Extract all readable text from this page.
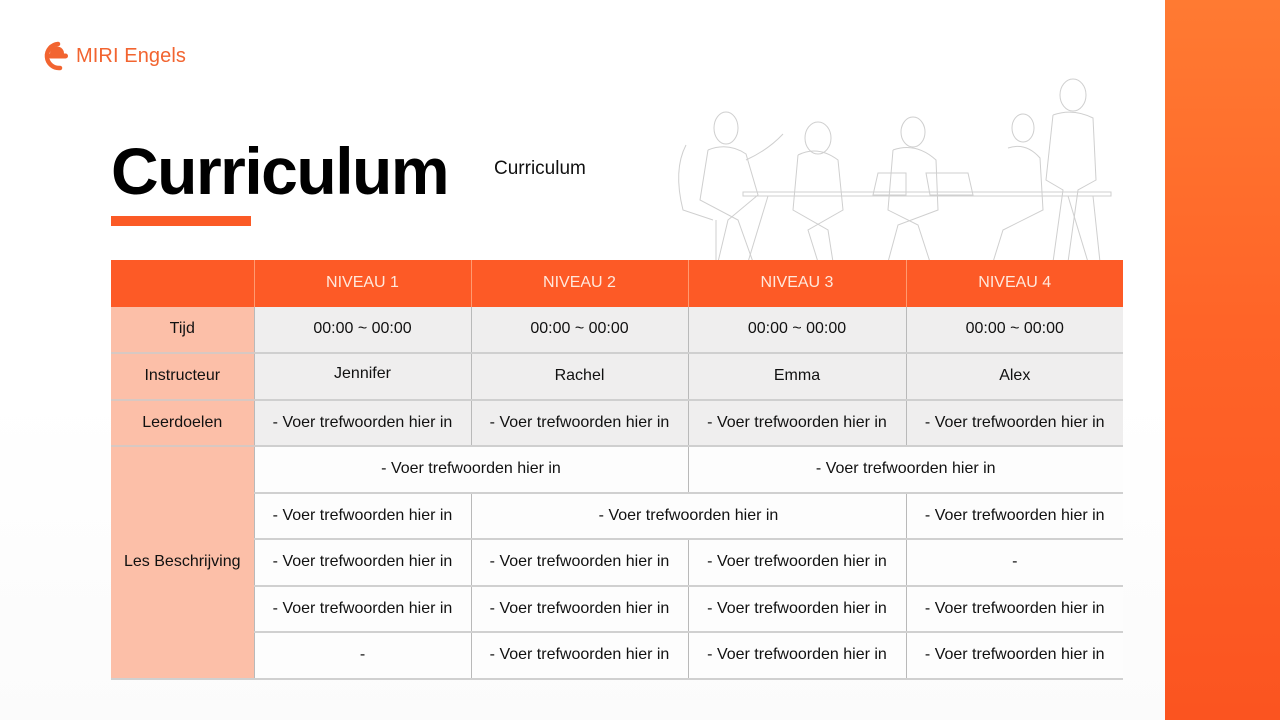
MIRI Engels
Curriculum Curriculum
	NIVEAU 1	NIVEAU 2	NIVEAU 3	NIVEAU 4
Tijd	00:00 ~ 00:00	00:00 ~ 00:00	00:00 ~ 00:00	00:00 ~ 00:00
Instructeur	Jennifer	Rachel	Emma	Alex
Leerdoelen	- Voer trefwoorden hier in	- Voer trefwoorden hier in	- Voer trefwoorden hier in	- Voer trefwoorden hier in
Les Beschrijving	- Voer trefwoorden hier in		- Voer trefwoorden hier in	
	- Voer trefwoorden hier in	- Voer trefwoorden hier in		- Voer trefwoorden hier in
	- Voer trefwoorden hier in	- Voer trefwoorden hier in	- Voer trefwoorden hier in	-
	- Voer trefwoorden hier in	- Voer trefwoorden hier in	- Voer trefwoorden hier in	- Voer trefwoorden hier in
	-	- Voer trefwoorden hier in	- Voer trefwoorden hier in	- Voer trefwoorden hier in
